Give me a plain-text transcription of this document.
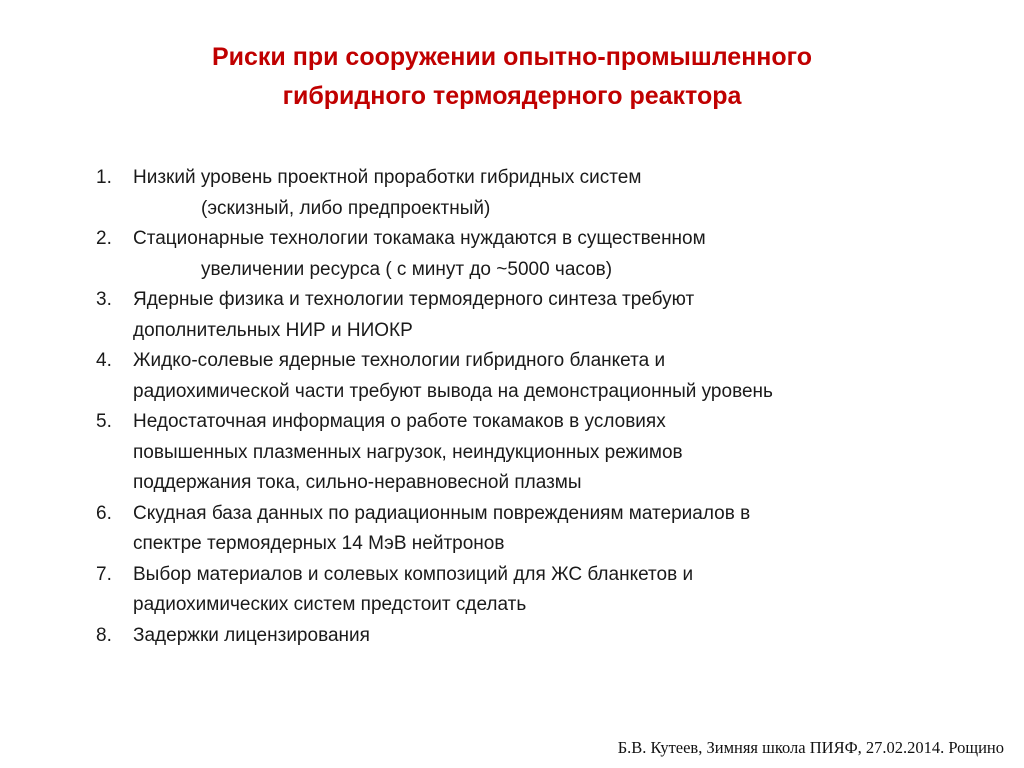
Риски при сооружении опытно-промышленного
гибридного термоядерного реактора
1. Низкий уровень проектной проработки гибридных систем
(эскизный, либо предпроектный)
2. Стационарные технологии токамака нуждаются в существенном
увеличении ресурса ( с минут до ~5000 часов)
3. Ядерные физика и технологии термоядерного синтеза требуют
дополнительных НИР и НИОКР
4. Жидко-солевые ядерные технологии гибридного бланкета и
радиохимической части требуют вывода на демонстрационный уровень
5. Недостаточная информация о работе токамаков в условиях
повышенных плазменных нагрузок, неиндукционных режимов
поддержания тока, сильно-неравновесной плазмы
6. Скудная база данных по радиационным повреждениям материалов в
спектре термоядерных 14 МэВ нейтронов
7. Выбор материалов и солевых композиций для ЖС бланкетов и
радиохимических систем предстоит сделать
8. Задержки лицензирования
Б.В. Кутеев, Зимняя школа ПИЯФ, 27.02.2014. Рощино
